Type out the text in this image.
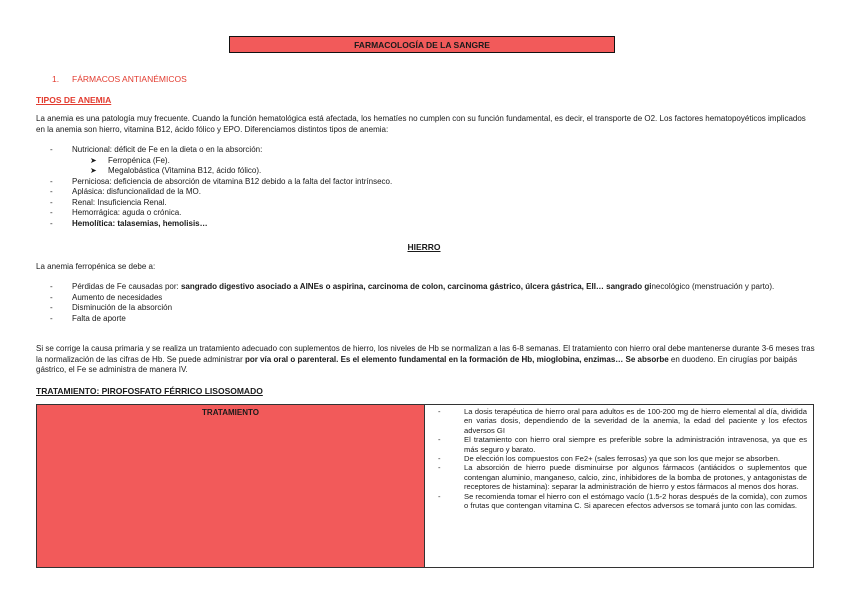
FARMACOLOGÍA DE LA SANGRE
1. FÁRMACOS ANTIANÉMICOS
TIPOS DE ANEMIA
La anemia es una patología muy frecuente. Cuando la función hematológica está afectada, los hematíes no cumplen con su función fundamental, es decir, el transporte de O2. Los factores hematopoyéticos implicados en la anemia son hierro, vitamina B12, ácido fólico y EPO. Diferenciamos distintos tipos de anemia:
- Nutricional: déficit de Fe en la dieta o en la absorción:
➤ Ferropénica (Fe).
➤ Megalobástica (Vitamina B12, ácido fólico).
- Perniciosa: deficiencia de absorción de vitamina B12 debido a la falta del factor intrínseco.
- Aplásica: disfuncionalidad de la MO.
- Renal: Insuficiencia Renal.
- Hemorrágica: aguda o crónica.
- Hemolítica: talasemias, hemolisis…
HIERRO
La anemia ferropénica se debe a:
- Pérdidas de Fe causadas por: sangrado digestivo asociado a AINEs o aspirina, carcinoma de colon, carcinoma gástrico, úlcera gástrica, EII… sangrado ginecológico (menstruación y parto).
- Aumento de necesidades
- Disminución de la absorción
- Falta de aporte
Si se corrige la causa primaria y se realiza un tratamiento adecuado con suplementos de hierro, los niveles de Hb se normalizan a las 6-8 semanas. El tratamiento con hierro oral debe mantenerse durante 3-6 meses tras la normalización de las cifras de Hb. Se puede administrar por vía oral o parenteral. Es el elemento fundamental en la formación de Hb, mioglobina, enzimas… Se absorbe en duodeno. En cirugías por baipás gástrico, el Fe se administra de manera IV.
TRATAMIENTO: PIROFOSFATO FÉRRICO LISOSOMADO
TRATAMIENTO	-	La dosis terapéutica de hierro oral para adultos es de 100-200 mg de hierro elemental al día, dividida en varias dosis, dependiendo de la severidad de la anemia, la edad del paciente y los efectos adversos GI
-	El tratamiento con hierro oral siempre es preferible sobre la administración intravenosa, ya que es más seguro y barato.
-	De elección los compuestos con Fe2+ (sales ferrosas) ya que son los que mejor se absorben.
-	La absorción de hierro puede disminuirse por algunos fármacos (antiácidos o suplementos que contengan aluminio, manganeso, calcio, zinc, inhibidores de la bomba de protones, y antagonistas de receptores de histamina): separar la administración de hierro y estos fármacos al menos dos horas.
-	Se recomienda tomar el hierro con el estómago vacío (1.5-2 horas después de la comida), con zumos o frutas que contengan vitamina C. Si aparecen efectos adversos se tomará junto con las comidas.
